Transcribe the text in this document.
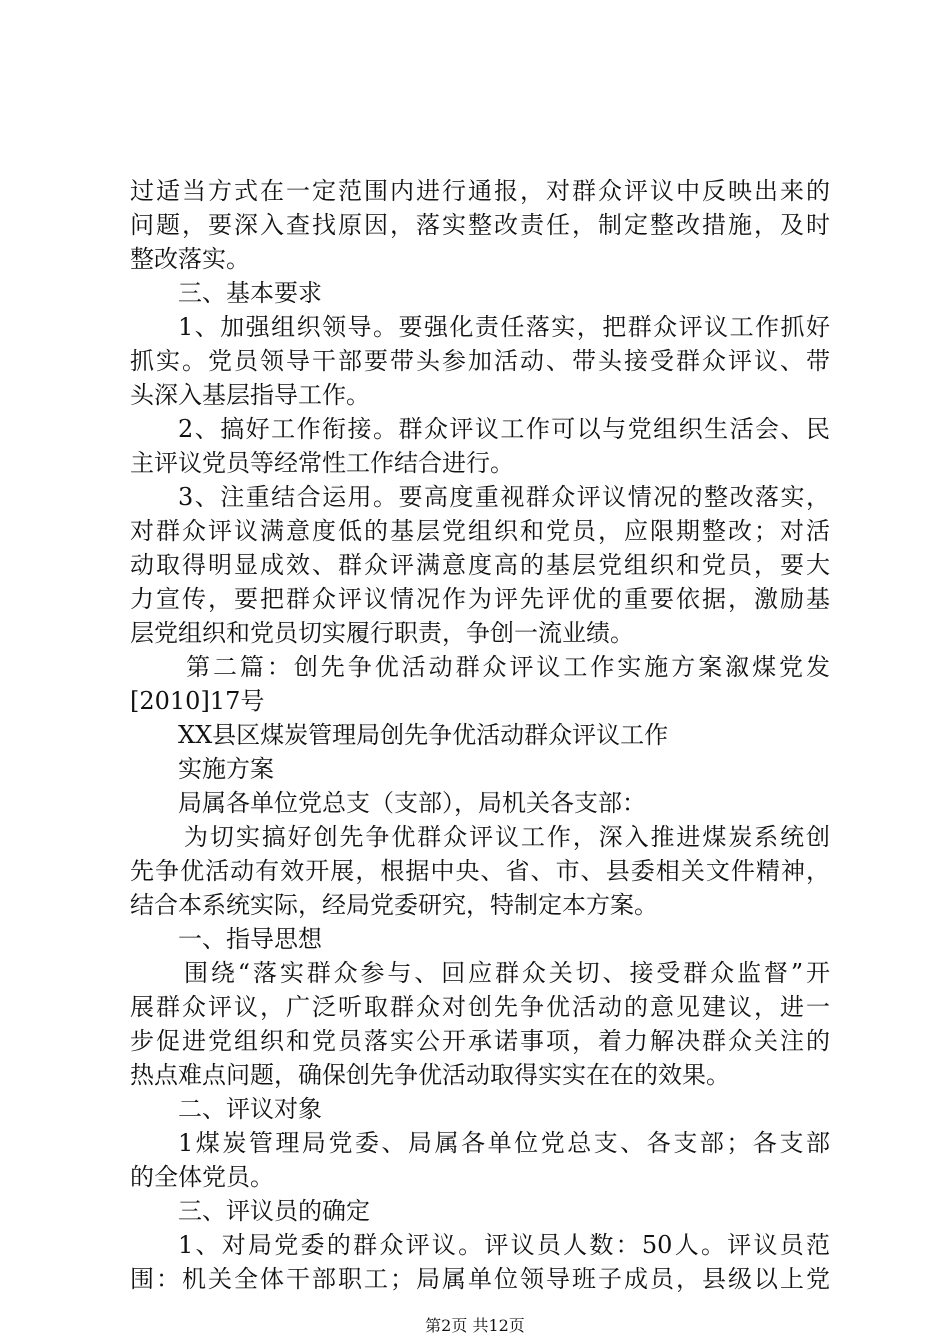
过适当方式在一定范围内进行通报，对群众评议中反映出来的
问题，要深入查找原因，落实整改责任，制定整改措施，及时
整改落实。
三、基本要求
1、加强组织领导。要强化责任落实，把群众评议工作抓好
抓实。党员领导干部要带头参加活动、带头接受群众评议、带
头深入基层指导工作。
2、搞好工作衔接。群众评议工作可以与党组织生活会、民
主评议党员等经常性工作结合进行。
3、注重结合运用。要高度重视群众评议情况的整改落实，
对群众评议满意度低的基层党组织和党员，应限期整改；对活
动取得明显成效、群众评满意度高的基层党组织和党员，要大
力宣传，要把群众评议情况作为评先评优的重要依据，激励基
层党组织和党员切实履行职责，争创一流业绩。
第二篇：创先争优活动群众评议工作实施方案溆煤党发
[2010]17号
XX县区煤炭管理局创先争优活动群众评议工作
实施方案
局属各单位党总支（支部），局机关各支部：
为切实搞好创先争优群众评议工作，深入推进煤炭系统创
先争优活动有效开展，根据中央、省、市、县委相关文件精神，
结合本系统实际，经局党委研究，特制定本方案。
一、指导思想
围绕“落实群众参与、回应群众关切、接受群众监督”开
展群众评议，广泛听取群众对创先争优活动的意见建议，进一
步促进党组织和党员落实公开承诺事项，着力解决群众关注的
热点难点问题，确保创先争优活动取得实实在在的效果。
二、评议对象
1煤炭管理局党委、局属各单位党总支、各支部；各支部
的全体党员。
三、评议员的确定
1、对局党委的群众评议。评议员人数：50人。评议员范
围：机关全体干部职工；局属单位领导班子成员，县级以上党
第2页 共12页
